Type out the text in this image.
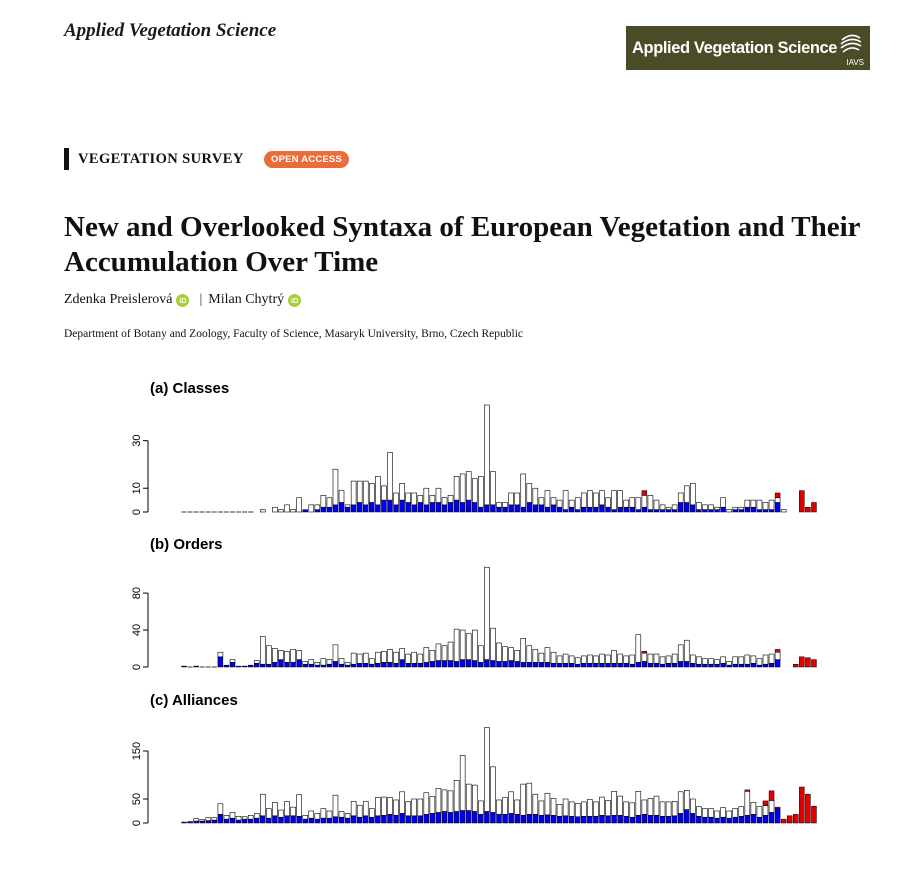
Applied Vegetation Science
Applied Vegetation Science
IAVS
VEGETATION SURVEY	OPEN ACCESS
New and Overlooked Syntaxa of European Vegetation and Their Accumulation Over Time
Zdenka Preislerová iD | Milan Chytrý iD
Department of Botany and Zoology, Faculty of Science, Masaryk University, Brno, Czech Republic
(a) Classes
0
10
30
(b) Orders
0
40
80
(c) Alliances
0
50
150
